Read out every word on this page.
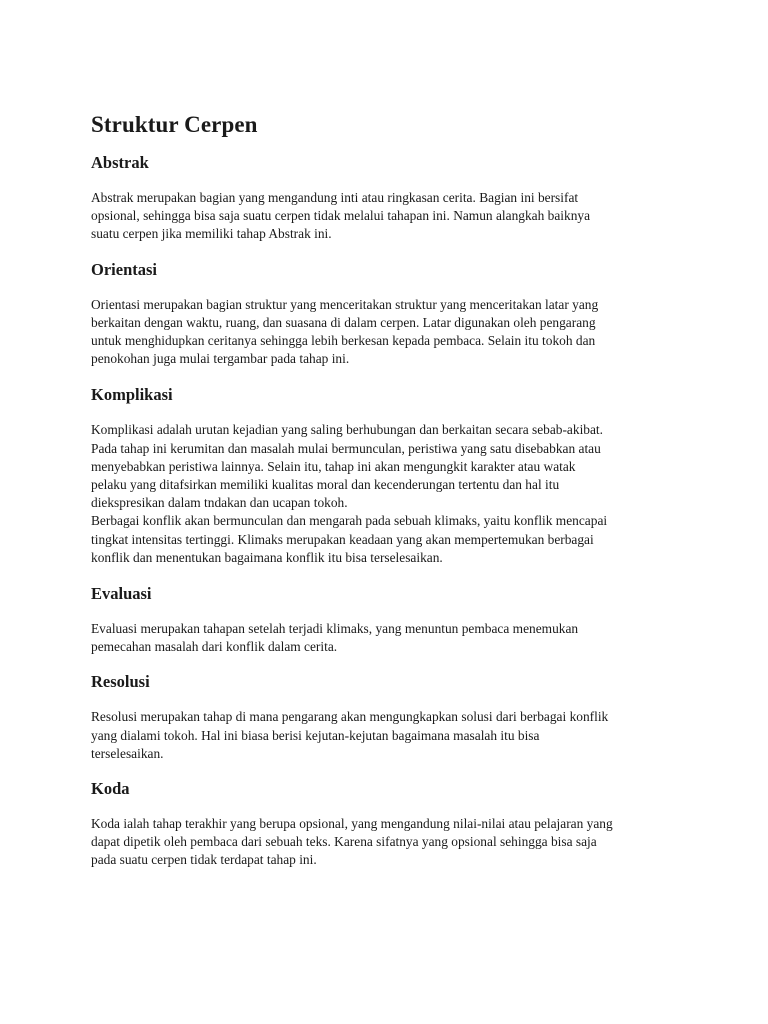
Struktur Cerpen
Abstrak

Abstrak merupakan bagian yang mengandung inti atau ringkasan cerita. Bagian ini bersifat
opsional, sehingga bisa saja suatu cerpen tidak melalui tahapan ini. Namun alangkah baiknya
suatu cerpen jika memiliki tahap Abstrak ini.

Orientasi

Orientasi merupakan bagian struktur yang menceritakan struktur yang menceritakan latar yang
berkaitan dengan waktu, ruang, dan suasana di dalam cerpen. Latar digunakan oleh pengarang
untuk menghidupkan ceritanya sehingga lebih berkesan kepada pembaca. Selain itu tokoh dan
penokohan juga mulai tergambar pada tahap ini.

Komplikasi

Komplikasi adalah urutan kejadian yang saling berhubungan dan berkaitan secara sebab-akibat.
Pada tahap ini kerumitan dan masalah mulai bermunculan, peristiwa yang satu disebabkan atau
menyebabkan peristiwa lainnya. Selain itu, tahap ini akan mengungkit karakter atau watak
pelaku yang ditafsirkan memiliki kualitas moral dan kecenderungan tertentu dan hal itu
diekspresikan dalam tndakan dan ucapan tokoh.
Berbagai konflik akan bermunculan dan mengarah pada sebuah klimaks, yaitu konflik mencapai
tingkat intensitas tertinggi. Klimaks merupakan keadaan yang akan mempertemukan berbagai
konflik dan menentukan bagaimana konflik itu bisa terselesaikan.

Evaluasi

Evaluasi merupakan tahapan setelah terjadi klimaks, yang menuntun pembaca menemukan
pemecahan masalah dari konflik dalam cerita.

Resolusi

Resolusi merupakan tahap di mana pengarang akan mengungkapkan solusi dari berbagai konflik
yang dialami tokoh. Hal ini biasa berisi kejutan-kejutan bagaimana masalah itu bisa
terselesaikan.

Koda

Koda ialah tahap terakhir yang berupa opsional, yang mengandung nilai-nilai atau pelajaran yang
dapat dipetik oleh pembaca dari sebuah teks. Karena sifatnya yang opsional sehingga bisa saja
pada suatu cerpen tidak terdapat tahap ini.
